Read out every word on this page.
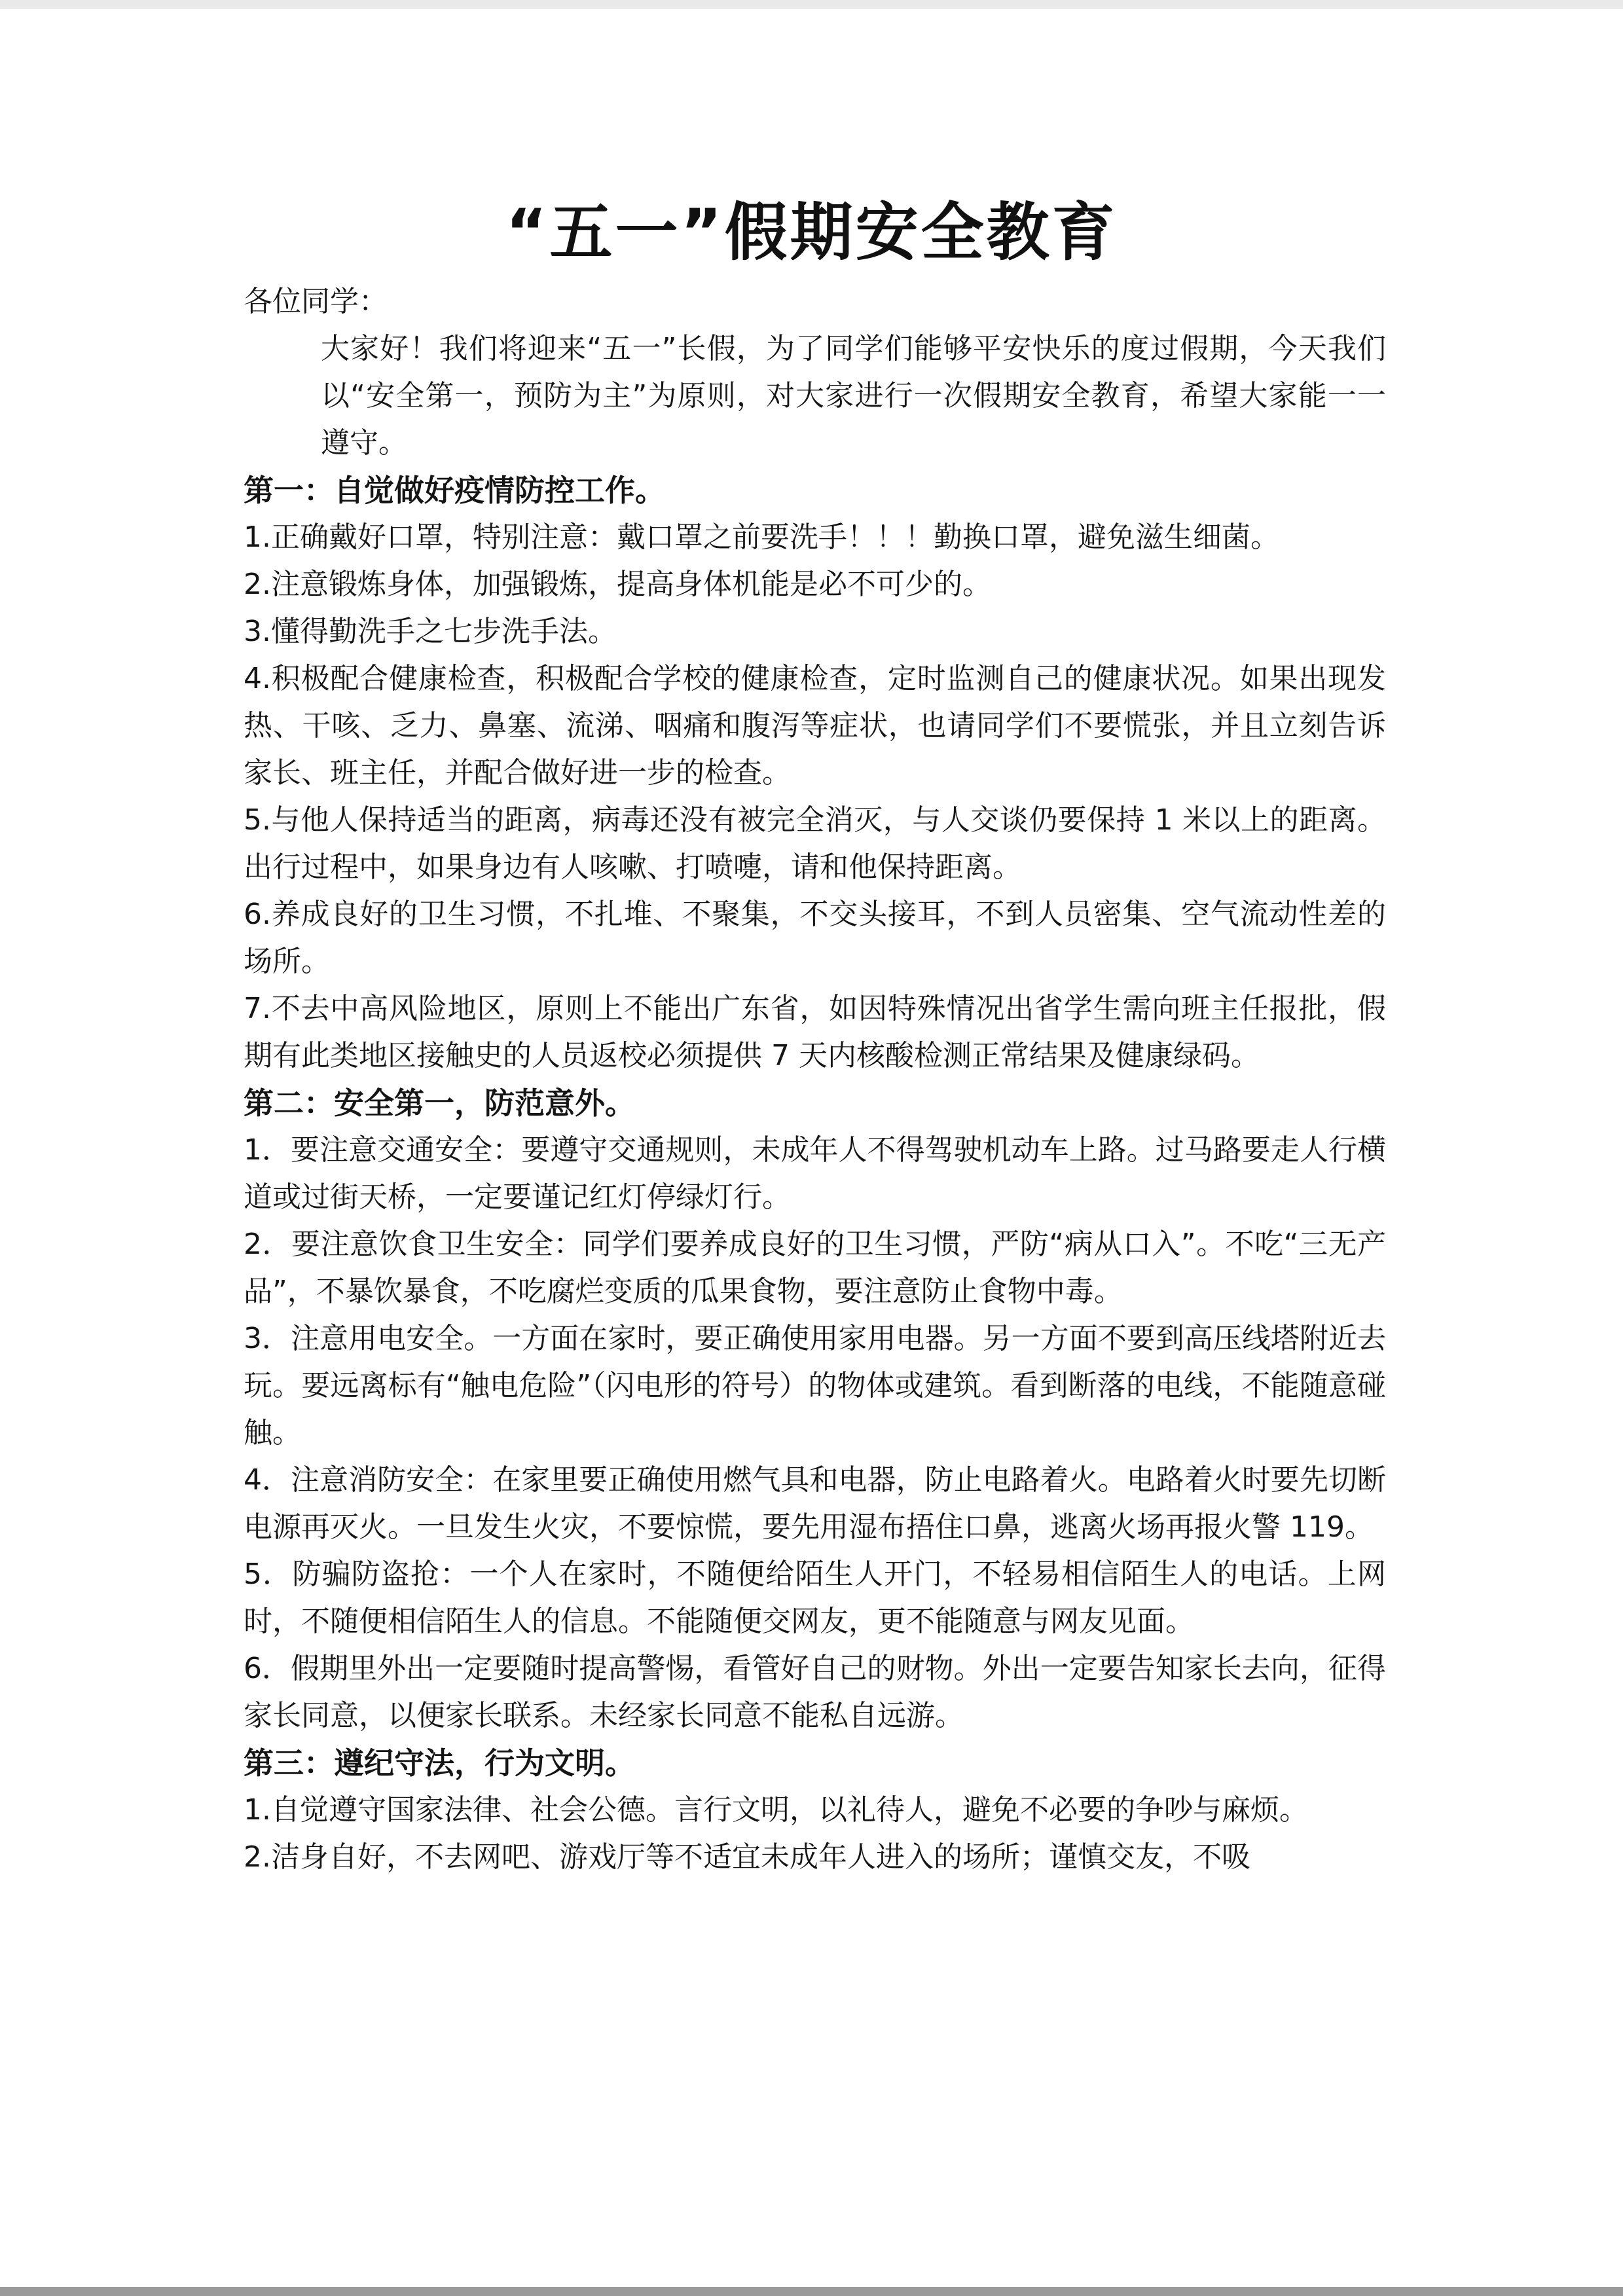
“五一”假期安全教育
各位同学：
大家好！我们将迎来“五一”长假，为了同学们能够平安快乐的度过假期，今天我们以“安全第一，预防为主”为原则，对大家进行一次假期安全教育，希望大家能一一遵守。
第一：自觉做好疫情防控工作。
1.正确戴好口罩，特别注意：戴口罩之前要洗手！！！勤换口罩，避免滋生细菌。
2.注意锻炼身体，加强锻炼，提高身体机能是必不可少的。
3.懂得勤洗手之七步洗手法。
4.积极配合健康检查，积极配合学校的健康检查，定时监测自己的健康状况。如果出现发热、干咳、乏力、鼻塞、流涕、咽痛和腹泻等症状，也请同学们不要慌张，并且立刻告诉家长、班主任，并配合做好进一步的检查。
5.与他人保持适当的距离，病毒还没有被完全消灭，与人交谈仍要保持 1 米以上的距离。出行过程中，如果身边有人咳嗽、打喷嚏，请和他保持距离。
6.养成良好的卫生习惯，不扎堆、不聚集，不交头接耳，不到人员密集、空气流动性差的场所。
7.不去中高风险地区，原则上不能出广东省，如因特殊情况出省学生需向班主任报批，假期有此类地区接触史的人员返校必须提供 7 天内核酸检测正常结果及健康绿码。
第二：安全第一，防范意外。
1．要注意交通安全：要遵守交通规则，未成年人不得驾驶机动车上路。过马路要走人行横道或过街天桥，一定要谨记红灯停绿灯行。
2．要注意饮食卫生安全：同学们要养成良好的卫生习惯，严防“病从口入”。不吃“三无产品”，不暴饮暴食，不吃腐烂变质的瓜果食物，要注意防止食物中毒。
3．注意用电安全。一方面在家时，要正确使用家用电器。另一方面不要到高压线塔附近去玩。要远离标有“触电危险”（闪电形的符号）的物体或建筑。看到断落的电线，不能随意碰触。
4．注意消防安全：在家里要正确使用燃气具和电器，防止电路着火。电路着火时要先切断电源再灭火。一旦发生火灾，不要惊慌，要先用湿布捂住口鼻，逃离火场再报火警 119。
5．防骗防盗抢：一个人在家时，不随便给陌生人开门，不轻易相信陌生人的电话。上网时，不随便相信陌生人的信息。不能随便交网友，更不能随意与网友见面。
6．假期里外出一定要随时提高警惕，看管好自己的财物。外出一定要告知家长去向，征得家长同意，以便家长联系。未经家长同意不能私自远游。
第三：遵纪守法，行为文明。
1.自觉遵守国家法律、社会公德。言行文明，以礼待人，避免不必要的争吵与麻烦。
2.洁身自好，不去网吧、游戏厅等不适宜未成年人进入的场所；谨慎交友，不吸
